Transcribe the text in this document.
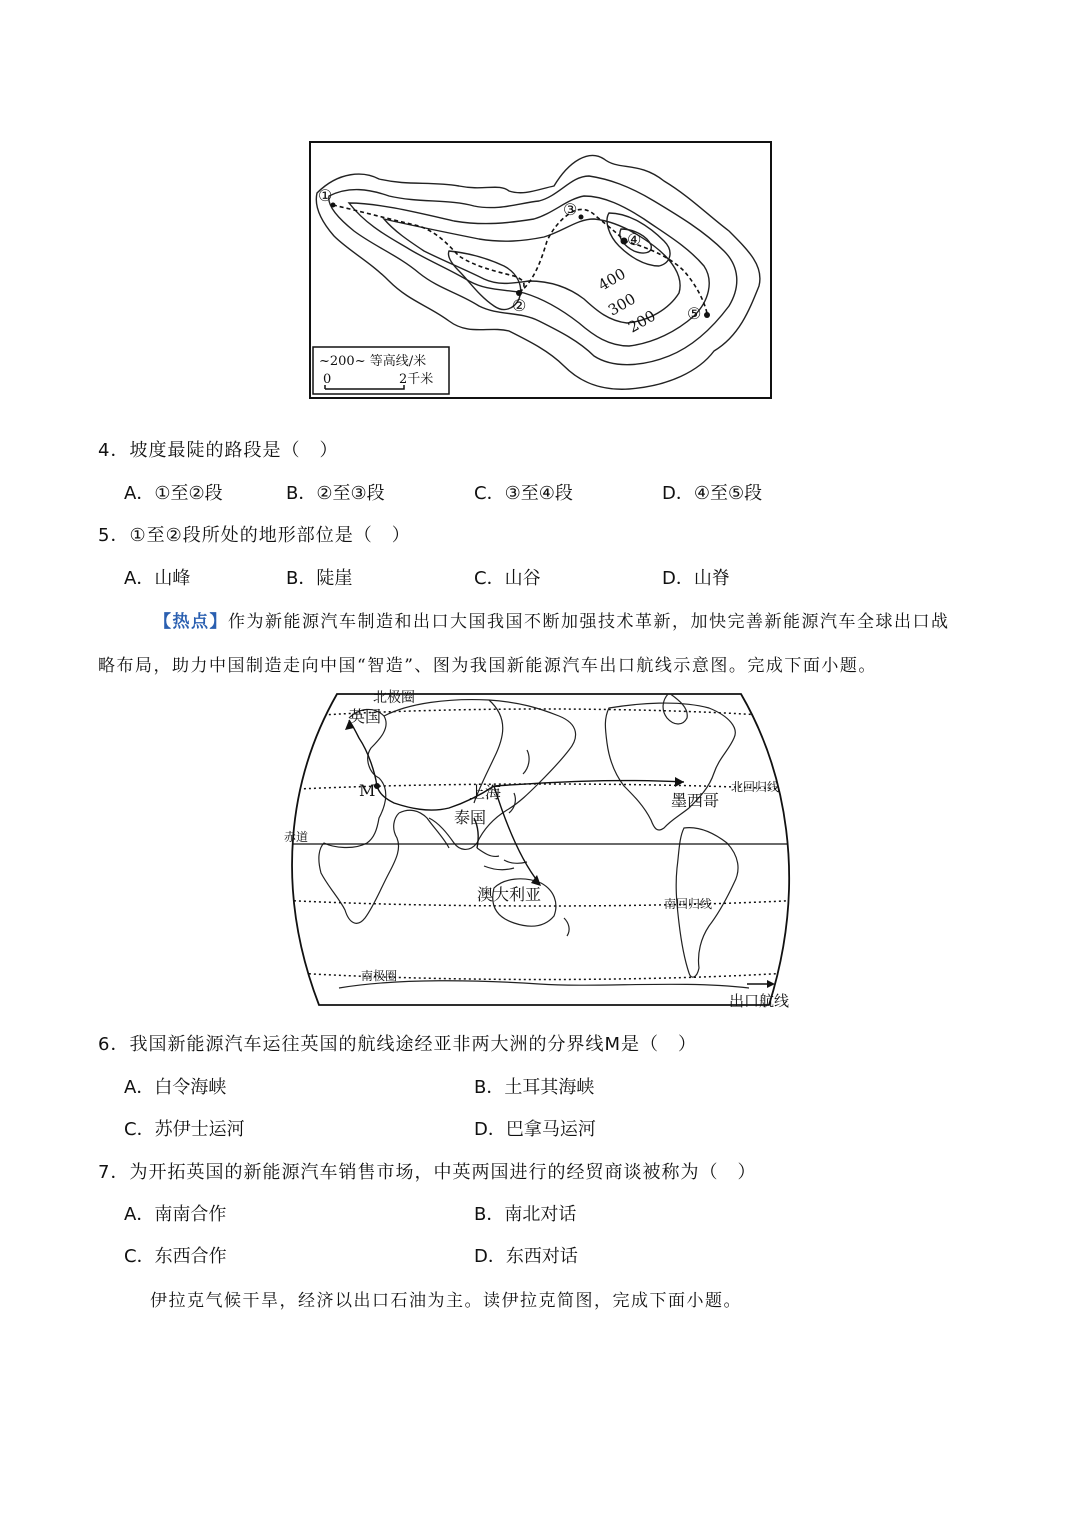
①
②
③
④
⑤
400
300
200
~200~ 等高线/米
0	2千米
4．坡度最陡的路段是（　）
A．①至②段	B．②至③段	C．③至④段	D．④至⑤段
5．①至②段所处的地形部位是（　）
A．山峰	B．陡崖	C．山谷	D．山脊
【热点】作为新能源汽车制造和出口大国我国不断加强技术革新，加快完善新能源汽车全球出口战
略布局，助力中国制造走向中国“智造”、图为我国新能源汽车出口航线示意图。完成下面小题。
北极圈
英国
M	上海
泰国
墨西哥
北回归线
赤道
澳大利亚	南回归线
南极圈
出口航线
6．我国新能源汽车运往英国的航线途经亚非两大洲的分界线M是（　）
A．白令海峡	B．土耳其海峡
C．苏伊士运河	D．巴拿马运河
7．为开拓英国的新能源汽车销售市场，中英两国进行的经贸商谈被称为（　）
A．南南合作	B．南北对话
C．东西合作	D．东西对话
伊拉克气候干旱，经济以出口石油为主。读伊拉克简图，完成下面小题。
